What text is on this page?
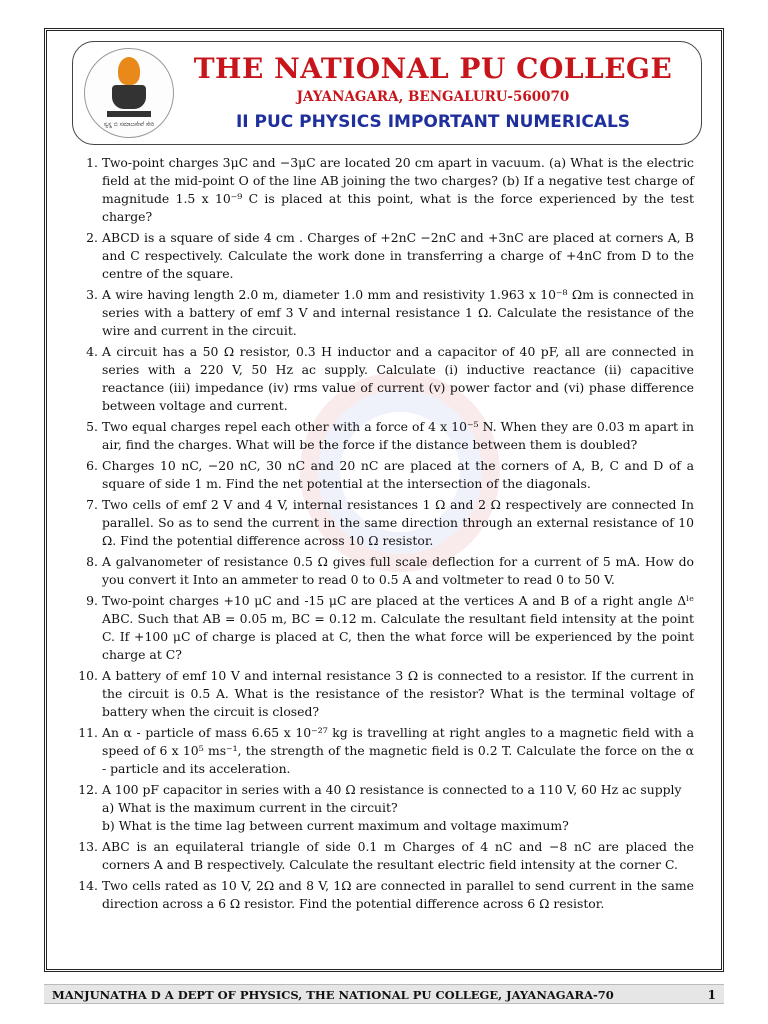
ಸ್ವಸ್ಥ ಬಿ ಸಮಾಜಸೇವೆ ಸೇರಿ
THE NATIONAL PU COLLEGE
JAYANAGARA, BENGALURU-560070
II PUC PHYSICS IMPORTANT NUMERICALS
1. Two-point charges 3μC and −3μC are located 20 cm apart in vacuum. (a) What is the electric field at the mid-point O of the line AB joining the two charges? (b) If a negative test charge of magnitude 1.5 x 10⁻⁹ C is placed at this point, what is the force experienced by the test charge?
2. ABCD is a square of side 4 cm . Charges of +2nC −2nC and +3nC are placed at corners A, B and C respectively. Calculate the work done in transferring a charge of +4nC from D to the centre of the square.
3. A wire having length 2.0 m, diameter 1.0 mm and resistivity 1.963 x 10⁻⁸ Ωm is connected in series with a battery of emf 3 V and internal resistance 1 Ω. Calculate the resistance of the wire and current in the circuit.
4. A circuit has a 50 Ω resistor, 0.3 H inductor and a capacitor of 40 pF, all are connected in series with a 220 V, 50 Hz ac supply. Calculate (i) inductive reactance (ii) capacitive reactance (iii) impedance (iv) rms value of current (v) power factor and (vi) phase difference between voltage and current.
5. Two equal charges repel each other with a force of 4 x 10⁻⁵ N. When they are 0.03 m apart in air, find the charges. What will be the force if the distance between them is doubled?
6. Charges 10 nC, −20 nC, 30 nC and 20 nC are placed at the corners of A, B, C and D of a square of side 1 m. Find the net potential at the intersection of the diagonals.
7. Two cells of emf 2 V and 4 V, internal resistances 1 Ω and 2 Ω respectively are connected In parallel. So as to send the current in the same direction through an external resistance of 10 Ω. Find the potential difference across 10 Ω resistor.
8. A galvanometer of resistance 0.5 Ω gives full scale deflection for a current of 5 mA. How do you convert it Into an ammeter to read 0 to 0.5 A and voltmeter to read 0 to 50 V.
9. Two-point charges +10 μC and -15 μC are placed at the vertices A and B of a right angle Δˡᵉ ABC. Such that AB = 0.05 m, BC = 0.12 m. Calculate the resultant field intensity at the point C. If +100 μC of charge is placed at C, then the what force will be experienced by the point charge at C?
10. A battery of emf 10 V and internal resistance 3 Ω is connected to a resistor. If the current in the circuit is 0.5 A. What is the resistance of the resistor? What is the terminal voltage of battery when the circuit is closed?
11. An α - particle of mass 6.65 x 10⁻²⁷ kg is travelling at right angles to a magnetic field with a speed of 6 x 10⁵ ms⁻¹, the strength of the magnetic field is 0.2 T. Calculate the force on the α - particle and its acceleration.
12. A 100 pF capacitor in series with a 40 Ω resistance is connected to a 110 V, 60 Hz ac supply
a) What is the maximum current in the circuit?
b) What is the time lag between current maximum and voltage maximum?
13. ABC is an equilateral triangle of side 0.1 m Charges of 4 nC and −8 nC are placed the corners A and B respectively. Calculate the resultant electric field intensity at the corner C.
14. Two cells rated as 10 V, 2Ω and 8 V, 1Ω are connected in parallel to send current in the same direction across a 6 Ω resistor. Find the potential difference across 6 Ω resistor.
MANJUNATHA D A DEPT OF PHYSICS, THE NATIONAL PU COLLEGE, JAYANAGARA-70	1
